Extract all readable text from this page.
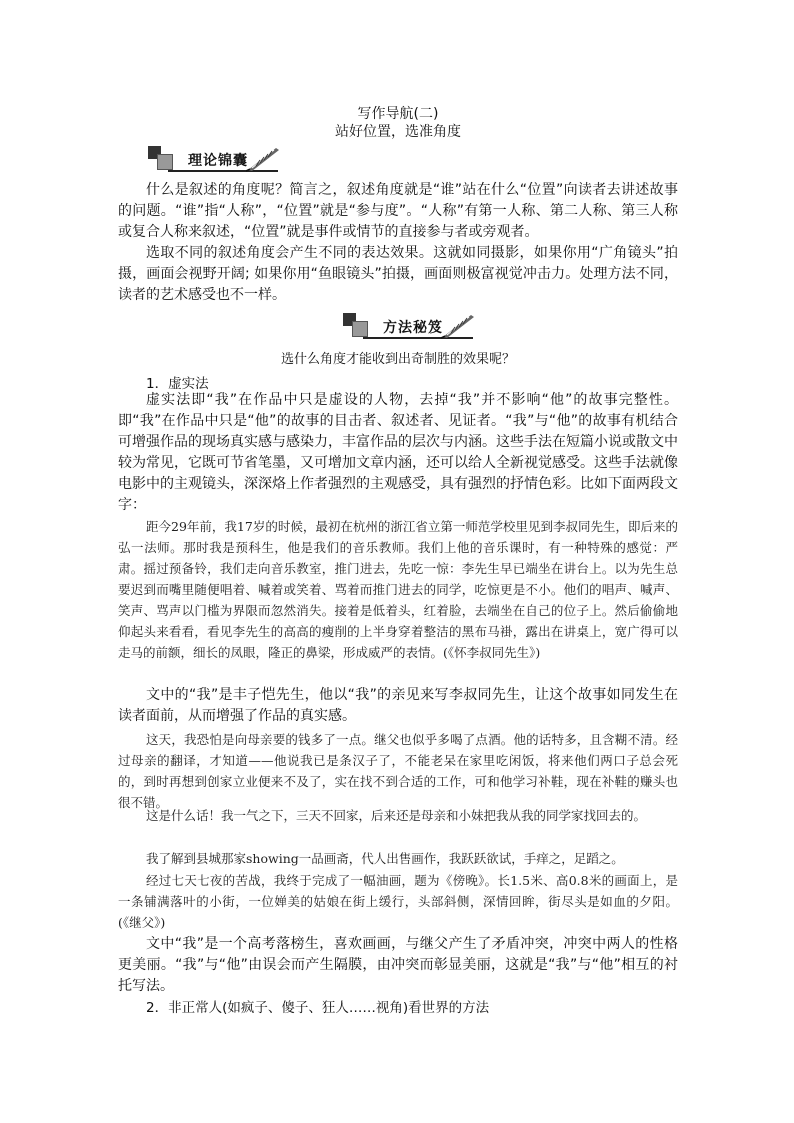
写作导航(二)
站好位置，选准角度
理论锦囊

什么是叙述的角度呢？简言之，叙述角度就是“谁”站在什么“位置”向读者去讲述故事的问题。“谁”指“人称”，“位置”就是“参与度”。“人称”有第一人称、第二人称、第三人称或复合人称来叙述，“位置”就是事件或情节的直接参与者或旁观者。

选取不同的叙述角度会产生不同的表达效果。这就如同摄影，如果你用“广角镜头”拍摄，画面会视野开阔; 如果你用“鱼眼镜头”拍摄，画面则极富视觉冲击力。处理方法不同，读者的艺术感受也不一样。

方法秘笈
选什么角度才能收到出奇制胜的效果呢？
1．虚实法

虚实法即“我”在作品中只是虚设的人物，去掉“我”并不影响“他”的故事完整性。即“我”在作品中只是“他”的故事的目击者、叙述者、见证者。“我”与“他”的故事有机结合可增强作品的现场真实感与感染力，丰富作品的层次与内涵。这些手法在短篇小说或散文中较为常见，它既可节省笔墨，又可增加文章内涵，还可以给人全新视觉感受。这些手法就像电影中的主观镜头，深深烙上作者强烈的主观感受，具有强烈的抒情色彩。比如下面两段文字：

距今29年前，我17岁的时候，最初在杭州的浙江省立第一师范学校里见到李叔同先生，即后来的弘一法师。那时我是预科生，他是我们的音乐教师。我们上他的音乐课时，有一种特殊的感觉：严肃。摇过预备铃，我们走向音乐教室，推门进去，先吃一惊：李先生早已端坐在讲台上。以为先生总要迟到而嘴里随便唱着、喊着或笑着、骂着而推门进去的同学，吃惊更是不小。他们的唱声、喊声、笑声、骂声以门槛为界限而忽然消失。接着是低着头，红着脸，去端坐在自己的位子上。然后偷偷地仰起头来看看，看见李先生的高高的瘦削的上半身穿着整洁的黑布马褂，露出在讲桌上，宽广得可以走马的前额，细长的凤眼，隆正的鼻梁，形成威严的表情。(《怀李叔同先生》)

文中的“我”是丰子恺先生，他以“我”的亲见来写李叔同先生，让这个故事如同发生在读者面前，从而增强了作品的真实感。

这天，我恐怕是向母亲要的钱多了一点。继父也似乎多喝了点酒。他的话特多，且含糊不清。经过母亲的翻译，才知道——他说我已是条汉子了，不能老呆在家里吃闲饭，将来他们两口子总会死的，到时再想到创家立业便来不及了，实在找不到合适的工作，可和他学习补鞋，现在补鞋的赚头也很不错。

这是什么话！我一气之下，三天不回家，后来还是母亲和小妹把我从我的同学家找回去的。

我了解到县城那家showing一品画斋，代人出售画作，我跃跃欲试，手痒之，足蹈之。

经过七天七夜的苦战，我终于完成了一幅油画，题为《傍晚》。长1.5米、高0.8米的画面上，是一条铺满落叶的小街，一位婵美的姑娘在街上缓行，头部斜侧，深情回眸，街尽头是如血的夕阳。(《继父》)

文中“我”是一个高考落榜生，喜欢画画，与继父产生了矛盾冲突，冲突中两人的性格更美丽。“我”与“他”由误会而产生隔膜，由冲突而彰显美丽，这就是“我”与“他”相互的衬托写法。

2．非正常人(如疯子、傻子、狂人……视角)看世界的方法
